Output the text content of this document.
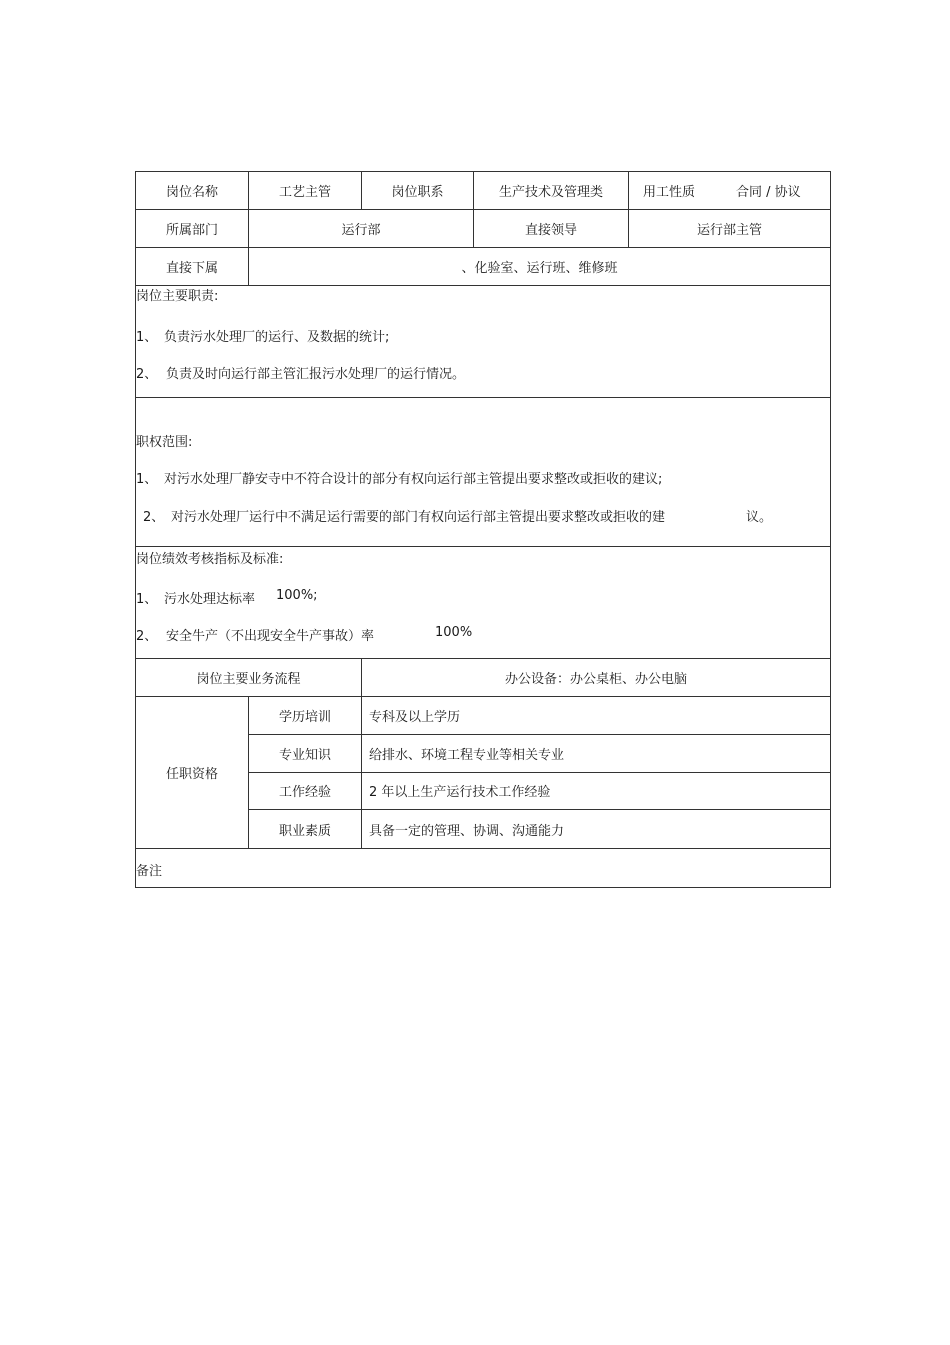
岗位名称	工艺主管	岗位职系	生产技术及管理类	用工性质	合同 / 协议
所属部门	运行部	直接领导	运行部主管
直接下属	、化验室、运行班、维修班
岗位主要职责:
1、 负责污水处理厂的运行、及数据的统计;
2、 负责及时向运行部主管汇报污水处理厂的运行情况。
职权范围:
1、 对污水处理厂静安寺中不符合设计的部分有权向运行部主管提出要求整改或拒收的建议;
2、 对污水处理厂运行中不满足运行需要的部门有权向运行部主管提出要求整改或拒收的建	议。
岗位绩效考核指标及标准:
1、 污水处理达标率 100%;
2、 安全牛产（不出现安全牛产事故）率	100%
岗位主要业务流程	办公设备：办公桌柜、办公电脑
任职资格
学历培训	专科及以上学历
专业知识	给排水、环境工程专业等相关专业
工作经验	2 年以上生产运行技术工作经验
职业素质	具备一定的管理、协调、沟通能力
备注
